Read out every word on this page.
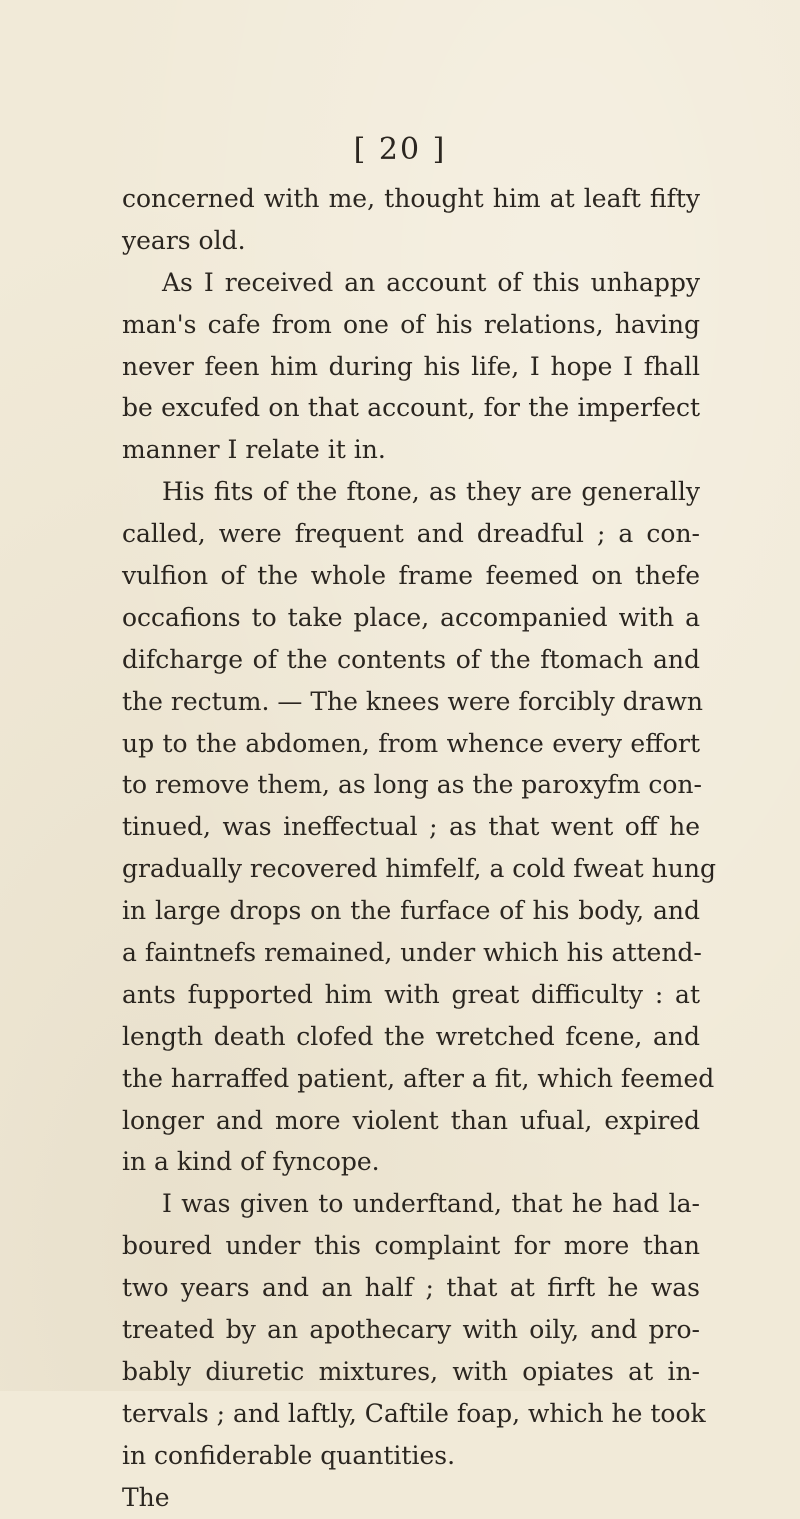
[ 20 ]
concerned with me, thought him at leaft fifty
years old.
As I received an account of this unhappy
man's cafe from one of his relations, having
never feen him during his life, I hope I fhall
be excufed on that account, for the imperfect
manner I relate it in.
His fits of the ftone, as they are generally
called, were frequent and dreadful ; a con-
vulfion of the whole frame feemed on thefe
occafions to take place, accompanied with a
difcharge of the contents of the ftomach and
the rectum. — The knees were forcibly drawn
up to the abdomen, from whence every effort
to remove them, as long as the paroxyfm con-
tinued, was ineffectual ; as that went off he
gradually recovered himfelf, a cold fweat hung
in large drops on the furface of his body, and
a faintnefs remained, under which his attend-
ants fupported him with great difficulty : at
length death clofed the wretched fcene, and
the harraffed patient, after a fit, which feemed
longer and more violent than ufual, expired
in a kind of fyncope.
I was given to underftand, that he had la-
boured under this complaint for more than
two years and an half ; that at firft he was
treated by an apothecary with oily, and pro-
bably diuretic mixtures, with opiates at in-
tervals ; and laftly, Caftile foap, which he took
in confiderable quantities.
The
